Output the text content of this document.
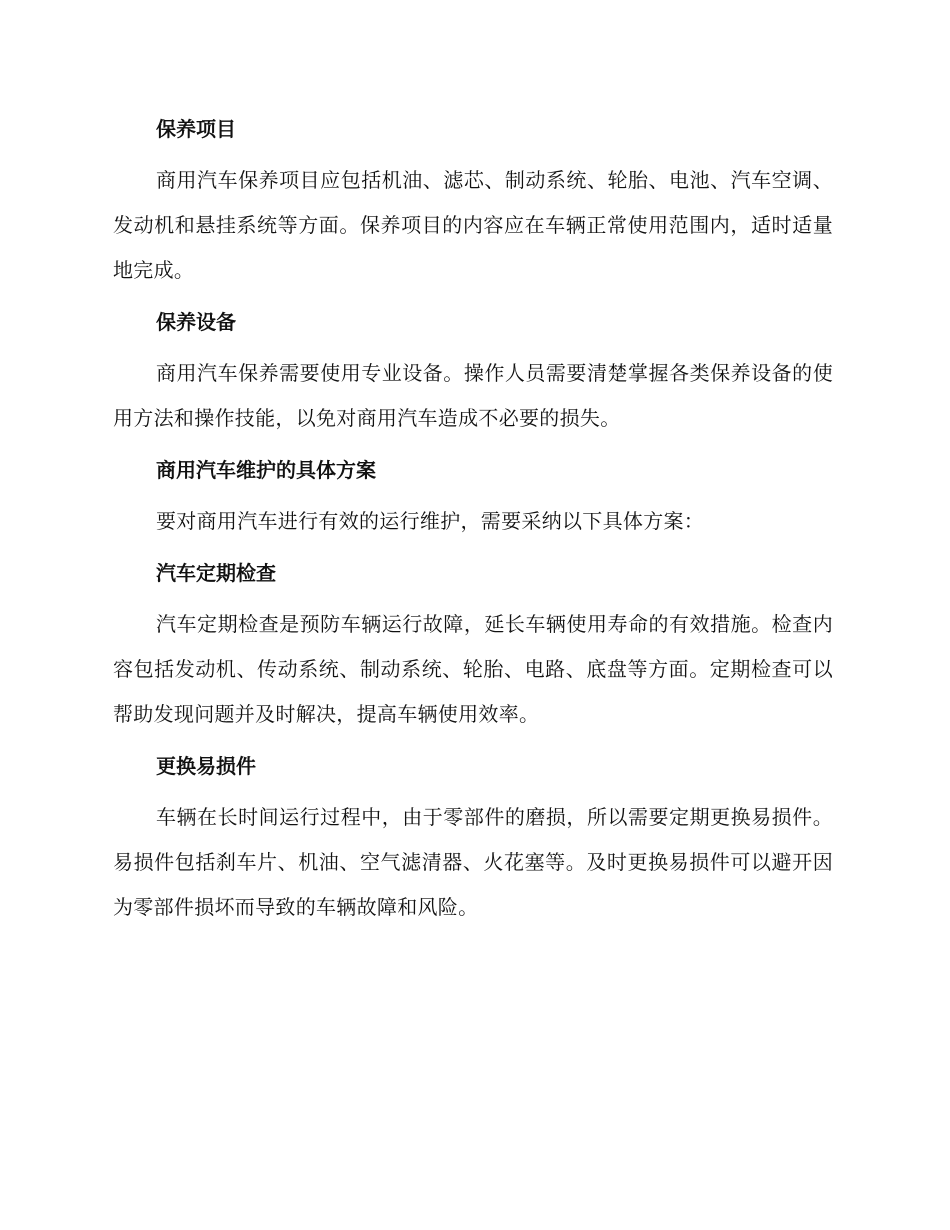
保养项目
商用汽车保养项目应包括机油、滤芯、制动系统、轮胎、电池、汽车空调、发动机和悬挂系统等方面。保养项目的内容应在车辆正常使用范围内，适时适量地完成。
保养设备
商用汽车保养需要使用专业设备。操作人员需要清楚掌握各类保养设备的使用方法和操作技能，以免对商用汽车造成不必要的损失。
商用汽车维护的具体方案
要对商用汽车进行有效的运行维护，需要采纳以下具体方案：
汽车定期检查
汽车定期检查是预防车辆运行故障，延长车辆使用寿命的有效措施。检查内容包括发动机、传动系统、制动系统、轮胎、电路、底盘等方面。定期检查可以帮助发现问题并及时解决，提高车辆使用效率。
更换易损件
车辆在长时间运行过程中，由于零部件的磨损，所以需要定期更换易损件。易损件包括刹车片、机油、空气滤清器、火花塞等。及时更换易损件可以避开因为零部件损坏而导致的车辆故障和风险。
